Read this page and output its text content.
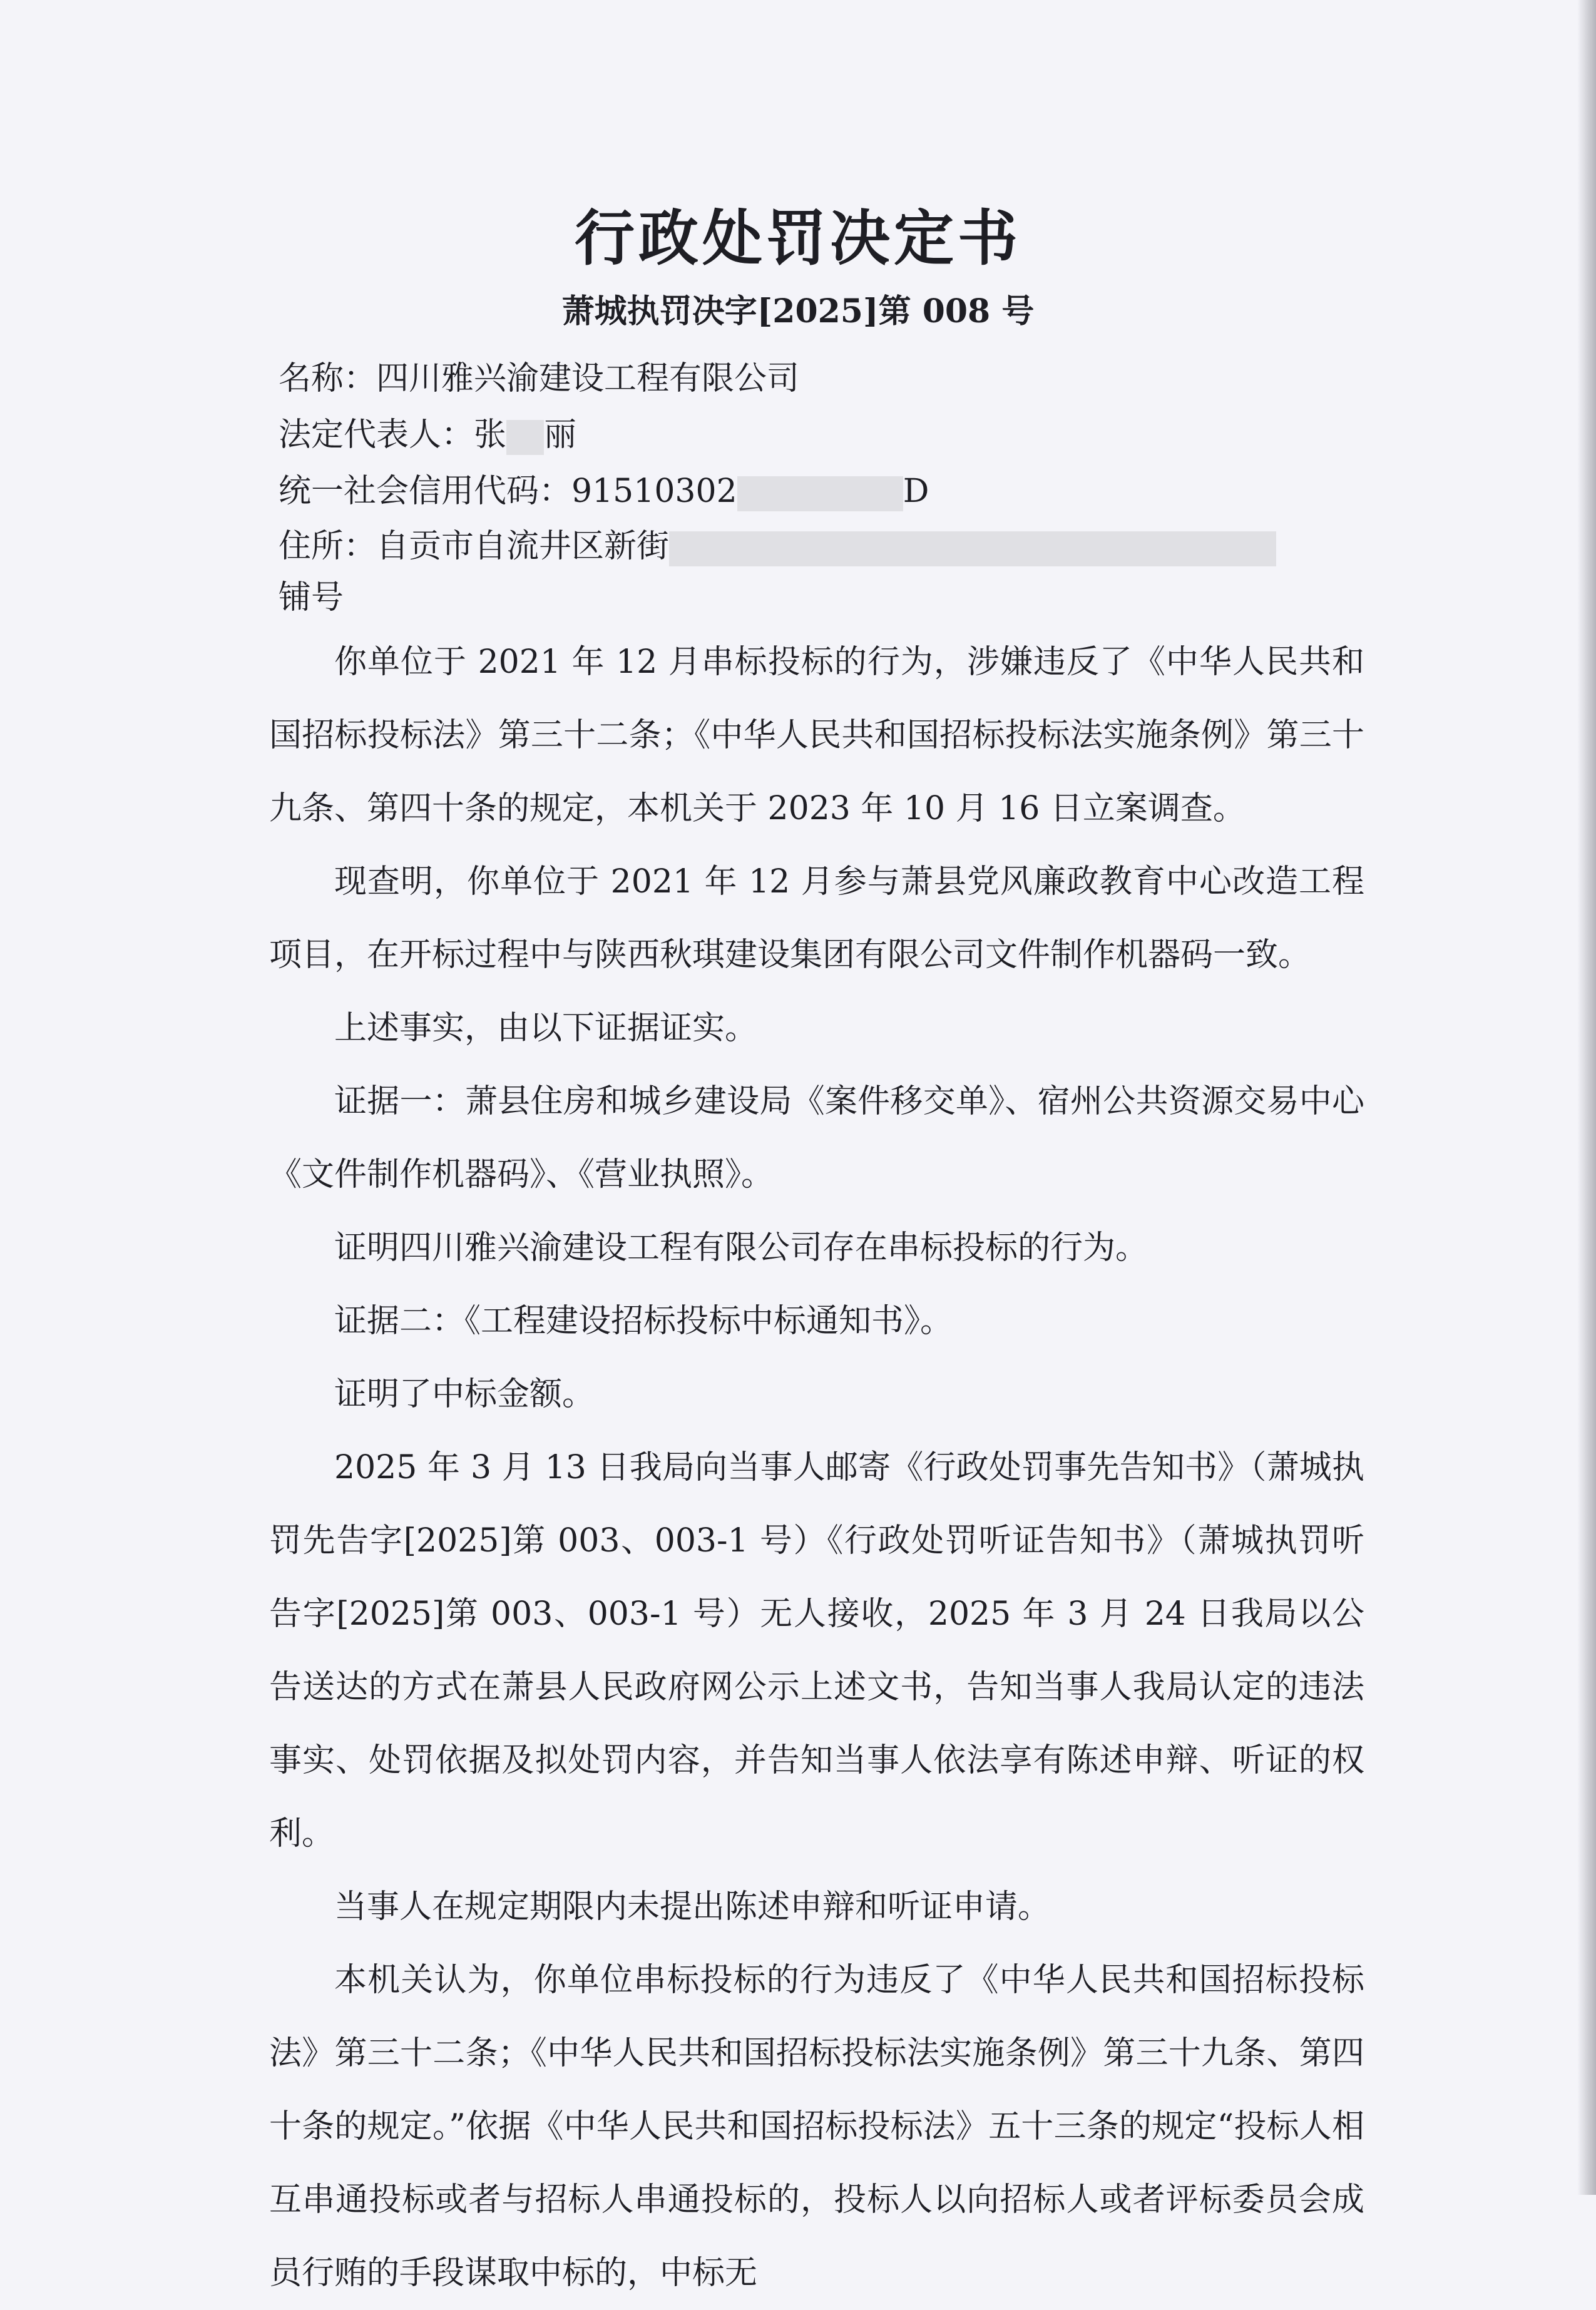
行政处罚决定书
萧城执罚决字[2025]第 008 号
名称：四川雅兴渝建设工程有限公司
法定代表人：张 丽
统一社会信用代码：91510302	D
住所：自贡市自流井区新街
铺号

你单位于 2021 年 12 月串标投标的行为，涉嫌违反了《中华人民共和国招标投标法》第三十二条；《中华人民共和国招标投标法实施条例》第三十九条、第四十条的规定，本机关于 2023 年 10 月 16 日立案调查。

现查明，你单位于 2021 年 12 月参与萧县党风廉政教育中心改造工程项目，在开标过程中与陕西秋琪建设集团有限公司文件制作机器码一致。

上述事实，由以下证据证实。

证据一：萧县住房和城乡建设局《案件移交单》、宿州公共资源交易中心《文件制作机器码》、《营业执照》。

证明四川雅兴渝建设工程有限公司存在串标投标的行为。

证据二：《工程建设招标投标中标通知书》。

证明了中标金额。

2025 年 3 月 13 日我局向当事人邮寄《行政处罚事先告知书》（萧城执罚先告字[2025]第 003、003-1 号）《行政处罚听证告知书》（萧城执罚听告字[2025]第 003、003-1 号）无人接收，2025 年 3 月 24 日我局以公告送达的方式在萧县人民政府网公示上述文书，告知当事人我局认定的违法事实、处罚依据及拟处罚内容，并告知当事人依法享有陈述申辩、听证的权利。

当事人在规定期限内未提出陈述申辩和听证申请。

本机关认为，你单位串标投标的行为违反了《中华人民共和国招标投标法》第三十二条；《中华人民共和国招标投标法实施条例》第三十九条、第四十条的规定。”依据《中华人民共和国招标投标法》五十三条的规定“投标人相互串通投标或者与招标人串通投标的，投标人以向招标人或者评标委员会成员行贿的手段谋取中标的，中标无
